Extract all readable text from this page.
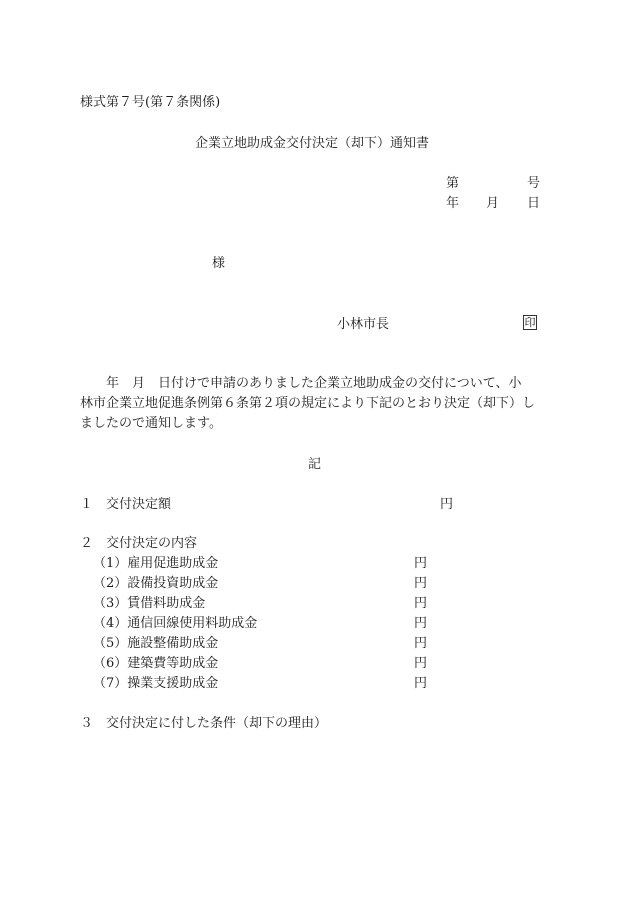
様式第７号(第７条関係)
企業立地助成金交付決定（却下）通知書
第	号
年 月 日
様
小林市長	印
　　年　月　日付けで申請のありました企業立地助成金の交付について、小
林市企業立地促進条例第６条第２項の規定により下記のとおり決定（却下）し
ましたので通知します。
記
１ 交付決定額	円
２ 交付決定の内容
（1）雇用促進助成金	円
（2）設備投資助成金	円
（3）賃借料助成金	円
（4）通信回線使用料助成金	円
（5）施設整備助成金	円
（6）建築費等助成金	円
（7）操業支援助成金	円
３ 交付決定に付した条件（却下の理由）
